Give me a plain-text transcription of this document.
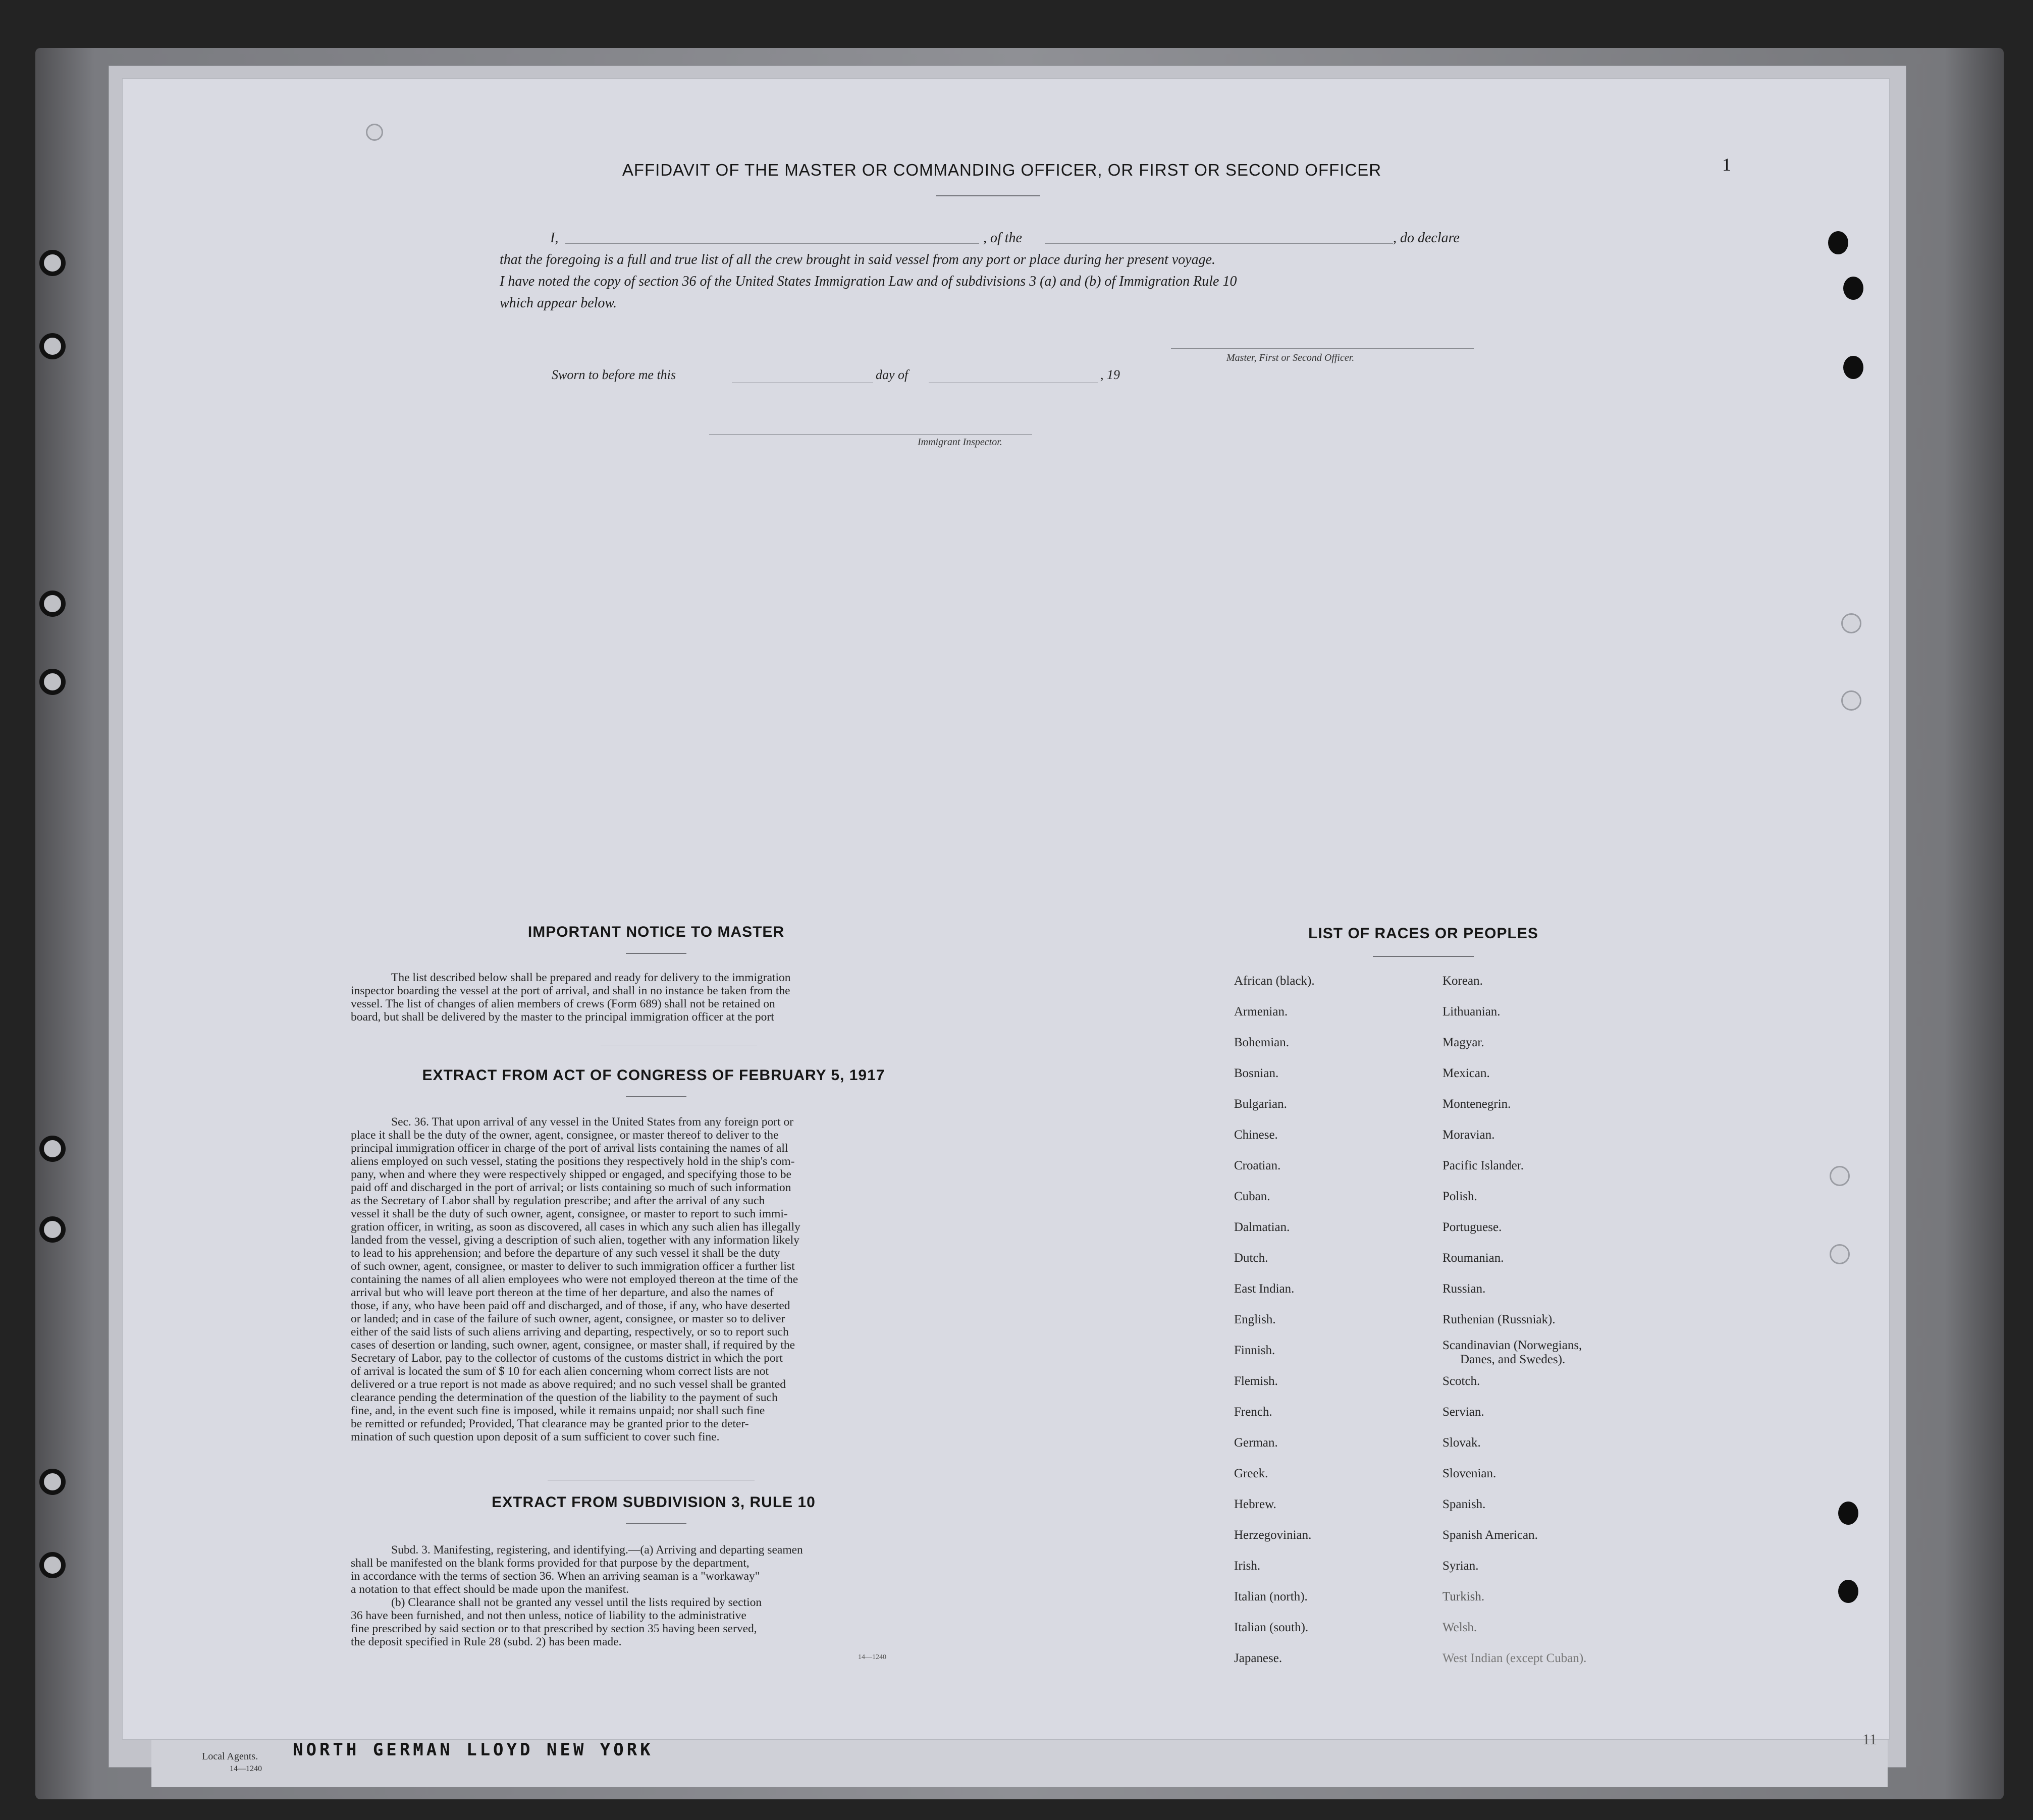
Local Agents. NORTH GERMAN LLOYD NEW YORK
14—1240
1
11
AFFIDAVIT OF THE MASTER OR COMMANDING OFFICER, OR FIRST OR SECOND OFFICER
I,	, of the	, do declare
that the foregoing is a full and true list of all the crew brought in said vessel from any port or place during her present voyage.
I have noted the copy of section 36 of the United States Immigration Law and of subdivisions 3 (a) and (b) of Immigration Rule 10
which appear below.
Master, First or Second Officer.
Sworn to before me this	day of	, 19
Immigrant Inspector.
IMPORTANT NOTICE TO MASTER
The list described below shall be prepared and ready for delivery to the immigration
inspector boarding the vessel at the port of arrival, and shall in no instance be taken from the
vessel. The list of changes of alien members of crews (Form 689) shall not be retained on
board, but shall be delivered by the master to the principal immigration officer at the port
EXTRACT FROM ACT OF CONGRESS OF FEBRUARY 5, 1917
Sec. 36. That upon arrival of any vessel in the United States from any foreign port or
place it shall be the duty of the owner, agent, consignee, or master thereof to deliver to the
principal immigration officer in charge of the port of arrival lists containing the names of all
aliens employed on such vessel, stating the positions they respectively hold in the ship's com-
pany, when and where they were respectively shipped or engaged, and specifying those to be
paid off and discharged in the port of arrival; or lists containing so much of such information
as the Secretary of Labor shall by regulation prescribe; and after the arrival of any such
vessel it shall be the duty of such owner, agent, consignee, or master to report to such immi-
gration officer, in writing, as soon as discovered, all cases in which any such alien has illegally
landed from the vessel, giving a description of such alien, together with any information likely
to lead to his apprehension; and before the departure of any such vessel it shall be the duty
of such owner, agent, consignee, or master to deliver to such immigration officer a further list
containing the names of all alien employees who were not employed thereon at the time of the
arrival but who will leave port thereon at the time of her departure, and also the names of
those, if any, who have been paid off and discharged, and of those, if any, who have deserted
or landed; and in case of the failure of such owner, agent, consignee, or master so to deliver
either of the said lists of such aliens arriving and departing, respectively, or so to report such
cases of desertion or landing, such owner, agent, consignee, or master shall, if required by the
Secretary of Labor, pay to the collector of customs of the customs district in which the port
of arrival is located the sum of $ 10 for each alien concerning whom correct lists are not
delivered or a true report is not made as above required; and no such vessel shall be granted
clearance pending the determination of the question of the liability to the payment of such
fine, and, in the event such fine is imposed, while it remains unpaid; nor shall such fine
be remitted or refunded; Provided, That clearance may be granted prior to the deter-
mination of such question upon deposit of a sum sufficient to cover such fine.
EXTRACT FROM SUBDIVISION 3, RULE 10
Subd. 3. Manifesting, registering, and identifying.—(a) Arriving and departing seamen
shall be manifested on the blank forms provided for that purpose by the department,
in accordance with the terms of section 36. When an arriving seaman is a "workaway"
a notation to that effect should be made upon the manifest.
(b) Clearance shall not be granted any vessel until the lists required by section
36 have been furnished, and not then unless, notice of liability to the administrative
fine prescribed by said section or to that prescribed by section 35 having been served,
the deposit specified in Rule 28 (subd. 2) has been made.
14—1240
LIST OF RACES OR PEOPLES
African (black).
Armenian.
Bohemian.
Bosnian.
Bulgarian.
Chinese.
Croatian.
Cuban.
Dalmatian.
Dutch.
East Indian.
English.
Finnish.
Flemish.
French.
German.
Greek.
Hebrew.
Herzegovinian.
Irish.
Italian (north).
Italian (south).
Japanese.
Korean.
Lithuanian.
Magyar.
Mexican.
Montenegrin.
Moravian.
Pacific Islander.
Polish.
Portuguese.
Roumanian.
Russian.
Ruthenian (Russniak).
Scandinavian (Norwegians,
Danes, and Swedes).
Scotch.
Servian.
Slovak.
Slovenian.
Spanish.
Spanish American.
Syrian.
Turkish.
Welsh.
West Indian (except Cuban).
